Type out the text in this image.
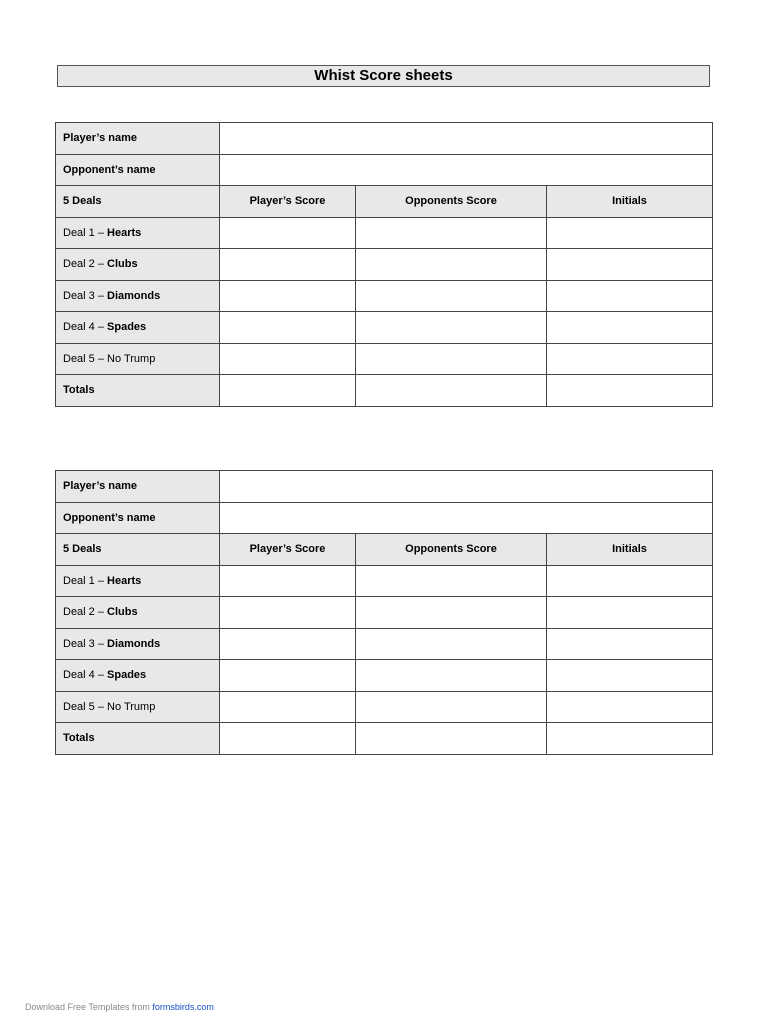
Whist Score sheets
Player’s name			
Opponent’s name			
5 Deals	Player’s Score	Opponents Score	Initials
Deal 1 – Hearts			
Deal 2 – Clubs			
Deal 3 – Diamonds			
Deal 4 – Spades			
Deal 5 – No Trump			
Totals			
Player’s name			
Opponent’s name			
5 Deals	Player’s Score	Opponents Score	Initials
Deal 1 – Hearts			
Deal 2 – Clubs			
Deal 3 – Diamonds			
Deal 4 – Spades			
Deal 5 – No Trump			
Totals			
Download Free Templates from formsbirds.com
